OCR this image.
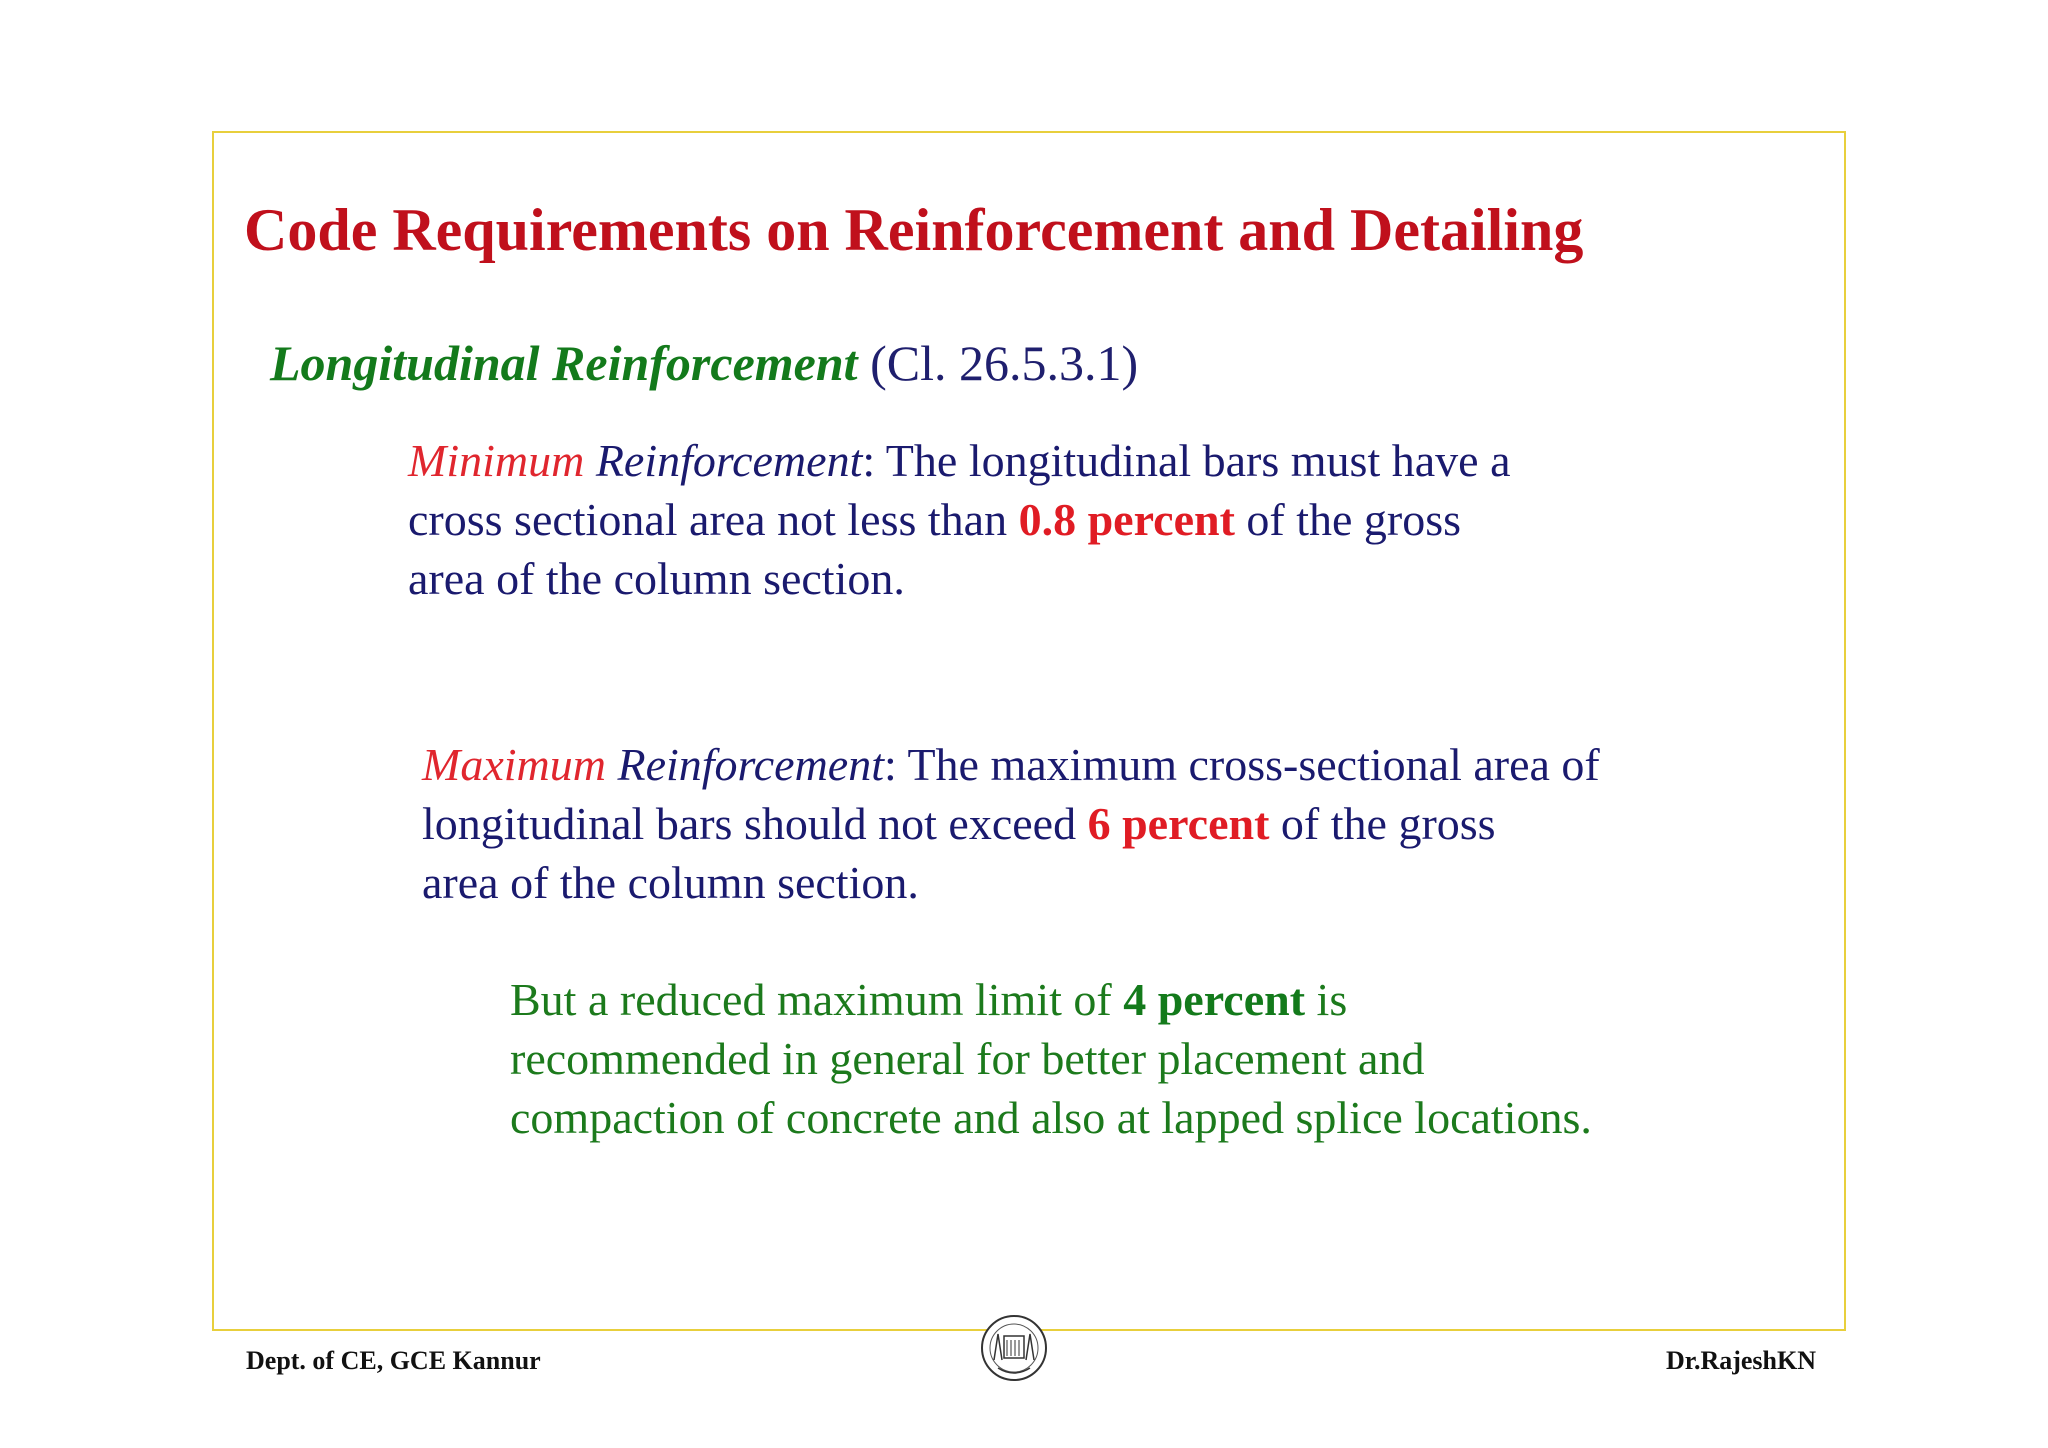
Code Requirements on Reinforcement and Detailing
Longitudinal Reinforcement (Cl. 26.5.3.1)
Minimum Reinforcement: The longitudinal bars must have a
cross sectional area not less than 0.8 percent of the gross
area of the column section.
Maximum Reinforcement: The maximum cross-sectional area of
longitudinal bars should not exceed 6 percent of the gross
area of the column section.
But a reduced maximum limit of 4 percent is
recommended in general for better placement and
compaction of concrete and also at lapped splice locations.
Dept. of CE, GCE Kannur	Dr.RajeshKN
